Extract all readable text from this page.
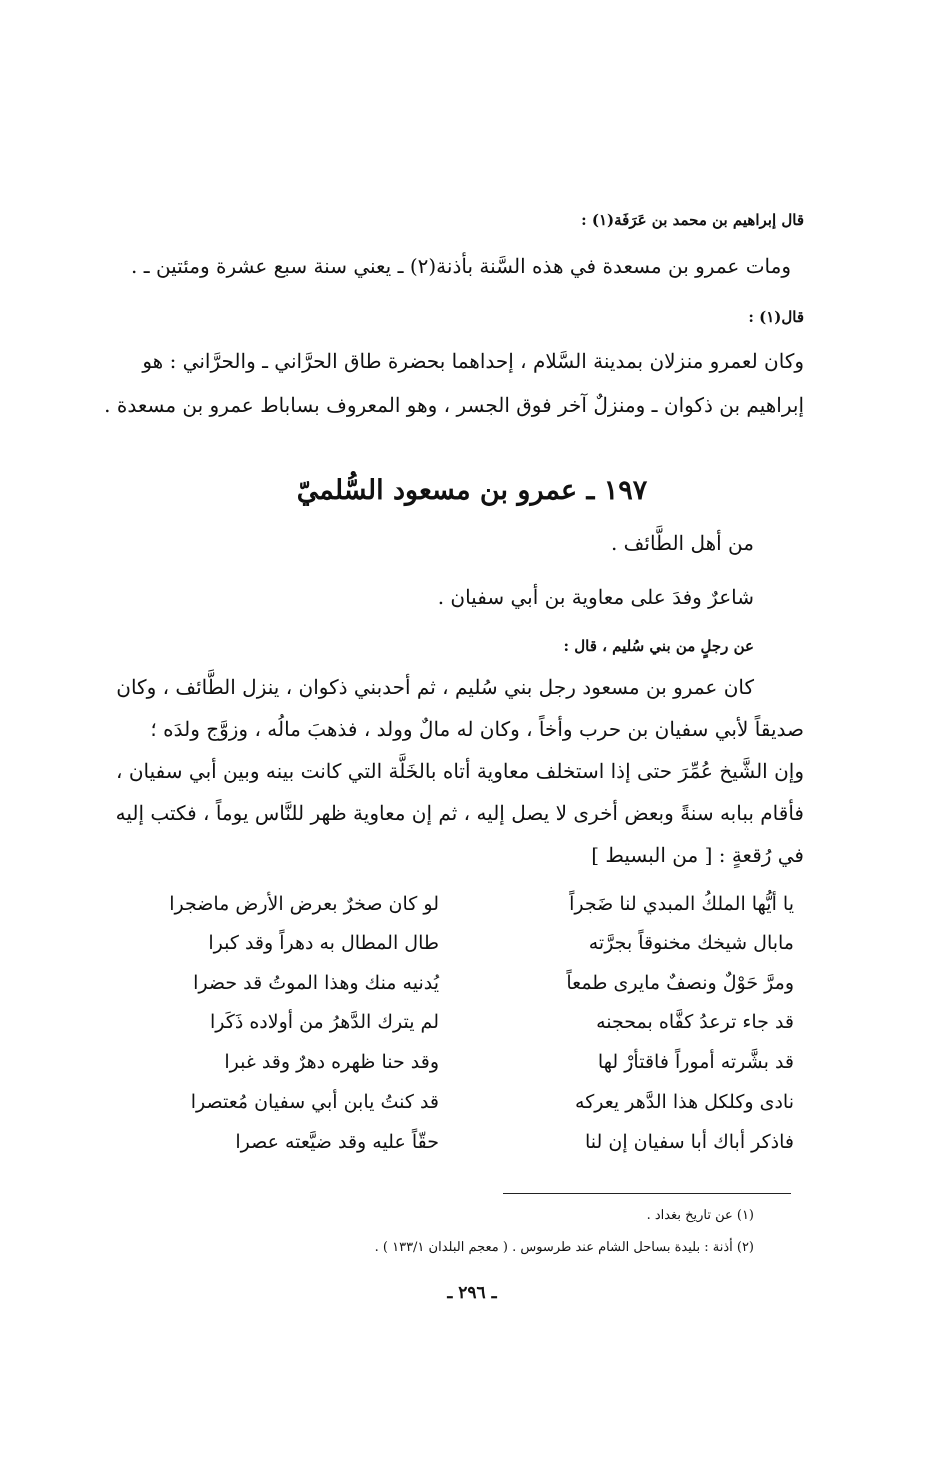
قال إبراهيم بن محمد بن عَرَفَة(١) :
ومات عمرو بن مسعدة في هذه السَّنة بأذنة(٢) ـ يعني سنة سبع عشرة ومئتين ـ .
قال(١) :
وكان لعمرو منزلان بمدينة السَّلام ، إحداهما بحضرة طاق الحرَّاني ـ والحرَّاني : هو
إبراهيم بن ذكوان ـ ومنزلٌ آخر فوق الجسر ، وهو المعروف بساباط عمرو بن مسعدة .
١٩٧ ـ عمرو بن مسعود السُّلميّ
من أهل الطَّائف .
شاعرٌ وفدَ على معاوية بن أبي سفيان .
عن رجلٍ من بني سُليم ، قال :
كان عمرو بن مسعود رجل بني سُليم ، ثم أحدبني ذكوان ، ينزل الطَّائف ، وكان
صديقاً لأبي سفيان بن حرب وأخاً ، وكان له مالٌ وولد ، فذهبَ مالُه ، وزوَّج ولدَه ؛
وإن الشَّيخ عُمِّرَ حتى إذا استخلف معاوية أتاه بالخَلَّة التي كانت بينه وبين أبي سفيان ،
فأقام ببابه سنةً وبعض أخرى لا يصل إليه ، ثم إن معاوية ظهر للنَّاس يوماً ، فكتب إليه
في رُقعةٍ : [ من البسيط ]
يا أيُّها الملكُ المبدي لنا ضَجراً
لو كان صخرٌ بعرض الأرض ماضجرا
مابال شيخك مخنوقاً بجرَّته
طال المطال به دهراً وقد كبرا
ومرَّ حَوْلٌ ونصفٌ مايرى طمعاً
يُدنيه منك وهذا الموتُ قد حضرا
قد جاء ترعدُ كفَّاه بمحجنه
لم يترك الدَّهرُ من أولاده ذَكَرا
قد بشَّرته أموراً فاقتأرْ لها
وقد حنا ظهره دهرٌ وقد غبرا
نادى وكلكل هذا الدَّهر يعركه
قد كنتُ يابن أبي سفيان مُعتصرا
فاذكر أباك أبا سفيان إن لنا
حقّاً عليه وقد ضيَّعته عصرا
(١) عن تاريخ بغداد .
(٢) أذنة : بليدة بساحل الشام عند طرسوس . ( معجم البلدان ١٣٣/١ ) .
ـ ٢٩٦ ـ
